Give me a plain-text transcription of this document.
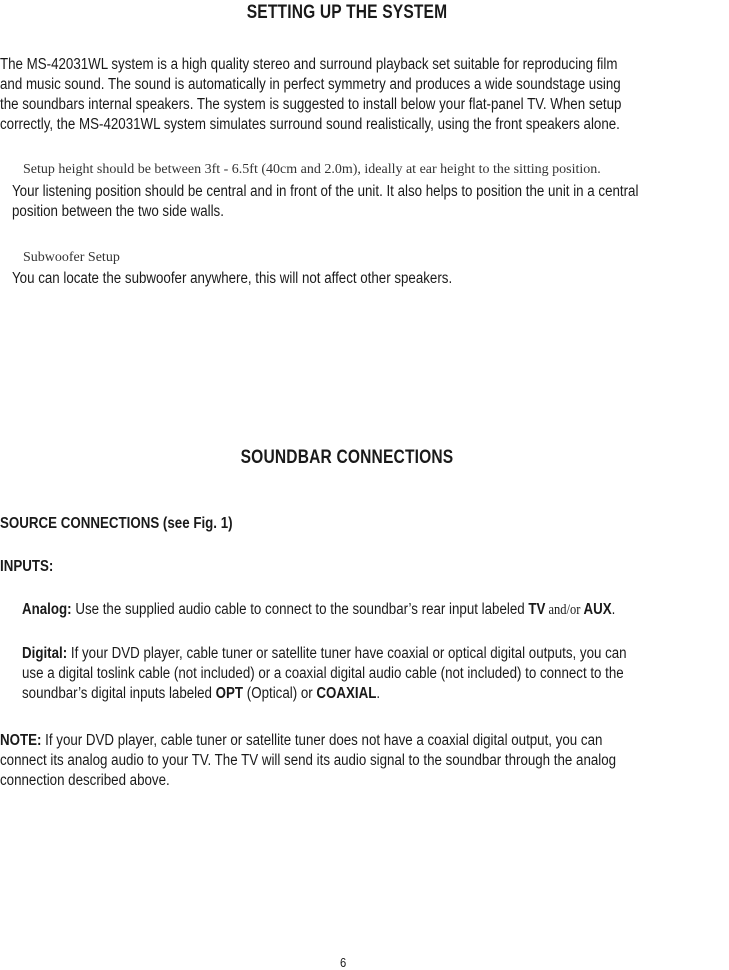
SETTING UP THE SYSTEM

The MS-42031WL system is a high quality stereo and surround playback set suitable for reproducing film
and music sound. The sound is automatically in perfect symmetry and produces a wide soundstage using
the soundbars internal speakers. The system is suggested to install below your flat-panel TV. When setup
correctly, the MS-42031WL system simulates surround sound realistically, using the front speakers alone.

Setup height should be between 3ft - 6.5ft (40cm and 2.0m), ideally at ear height to the sitting position.

Your listening position should be central and in front of the unit. It also helps to position the unit in a central
position between the two side walls.

Subwoofer Setup

You can locate the subwoofer anywhere, this will not affect other speakers.

SOUNDBAR CONNECTIONS

SOURCE CONNECTIONS (see Fig. 1)

INPUTS:

Analog: Use the supplied audio cable to connect to the soundbar’s rear input labeled TV and/or AUX.

Digital: If your DVD player, cable tuner or satellite tuner have coaxial or optical digital outputs, you can
use a digital toslink cable (not included) or a coaxial digital audio cable (not included) to connect to the
soundbar’s digital inputs labeled OPT (Optical) or COAXIAL.

NOTE: If your DVD player, cable tuner or satellite tuner does not have a coaxial digital output, you can
connect its analog audio to your TV. The TV will send its audio signal to the soundbar through the analog
connection described above.

6
